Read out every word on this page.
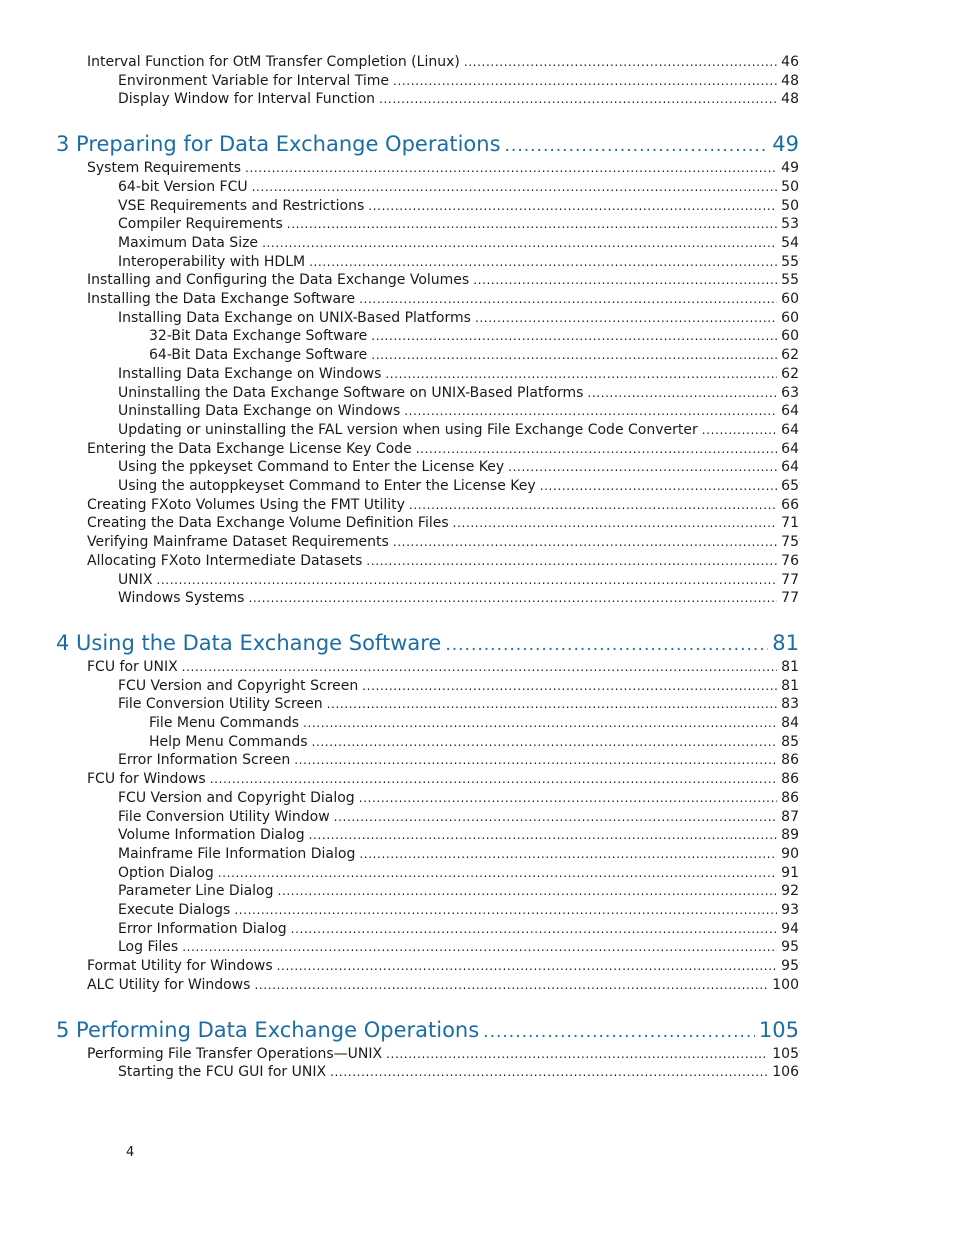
Interval Function for OtM Transfer Completion (Linux) . . .	46
Environment Variable for Interval Time . . .	48
Display Window for Interval Function . . .	48
3 Preparing for Data Exchange Operations . . .	49
System Requirements . . .	49
64-bit Version FCU . . .	50
VSE Requirements and Restrictions . . .	50
Compiler Requirements . . .	53
Maximum Data Size . . .	54
Interoperability with HDLM . . .	55
Installing and Configuring the Data Exchange Volumes . . .	55
Installing the Data Exchange Software . . .	60
Installing Data Exchange on UNIX-Based Platforms . . .	60
32-Bit Data Exchange Software . . .	60
64-Bit Data Exchange Software . . .	62
Installing Data Exchange on Windows . . .	62
Uninstalling the Data Exchange Software on UNIX-Based Platforms . . .	63
Uninstalling Data Exchange on Windows . . .	64
Updating or uninstalling the FAL version when using File Exchange Code Converter . . .	64
Entering the Data Exchange License Key Code . . .	64
Using the ppkeyset Command to Enter the License Key . . .	64
Using the autoppkeyset Command to Enter the License Key . . .	65
Creating FXoto Volumes Using the FMT Utility . . .	66
Creating the Data Exchange Volume Definition Files . . .	71
Verifying Mainframe Dataset Requirements . . .	75
Allocating FXoto Intermediate Datasets . . .	76
UNIX . . .	77
Windows Systems . . .	77
4 Using the Data Exchange Software . . .	81
FCU for UNIX . . .	81
FCU Version and Copyright Screen . . .	81
File Conversion Utility Screen . . .	83
File Menu Commands . . .	84
Help Menu Commands . . .	85
Error Information Screen . . .	86
FCU for Windows . . .	86
FCU Version and Copyright Dialog . . .	86
File Conversion Utility Window . . .	87
Volume Information Dialog . . .	89
Mainframe File Information Dialog . . .	90
Option Dialog . . .	91
Parameter Line Dialog . . .	92
Execute Dialogs . . .	93
Error Information Dialog . . .	94
Log Files . . .	95
Format Utility for Windows . . .	95
ALC Utility for Windows . . .	100
5 Performing Data Exchange Operations . . .	105
Performing File Transfer Operations—UNIX . . .	105
Starting the FCU GUI for UNIX . . .	106
4
